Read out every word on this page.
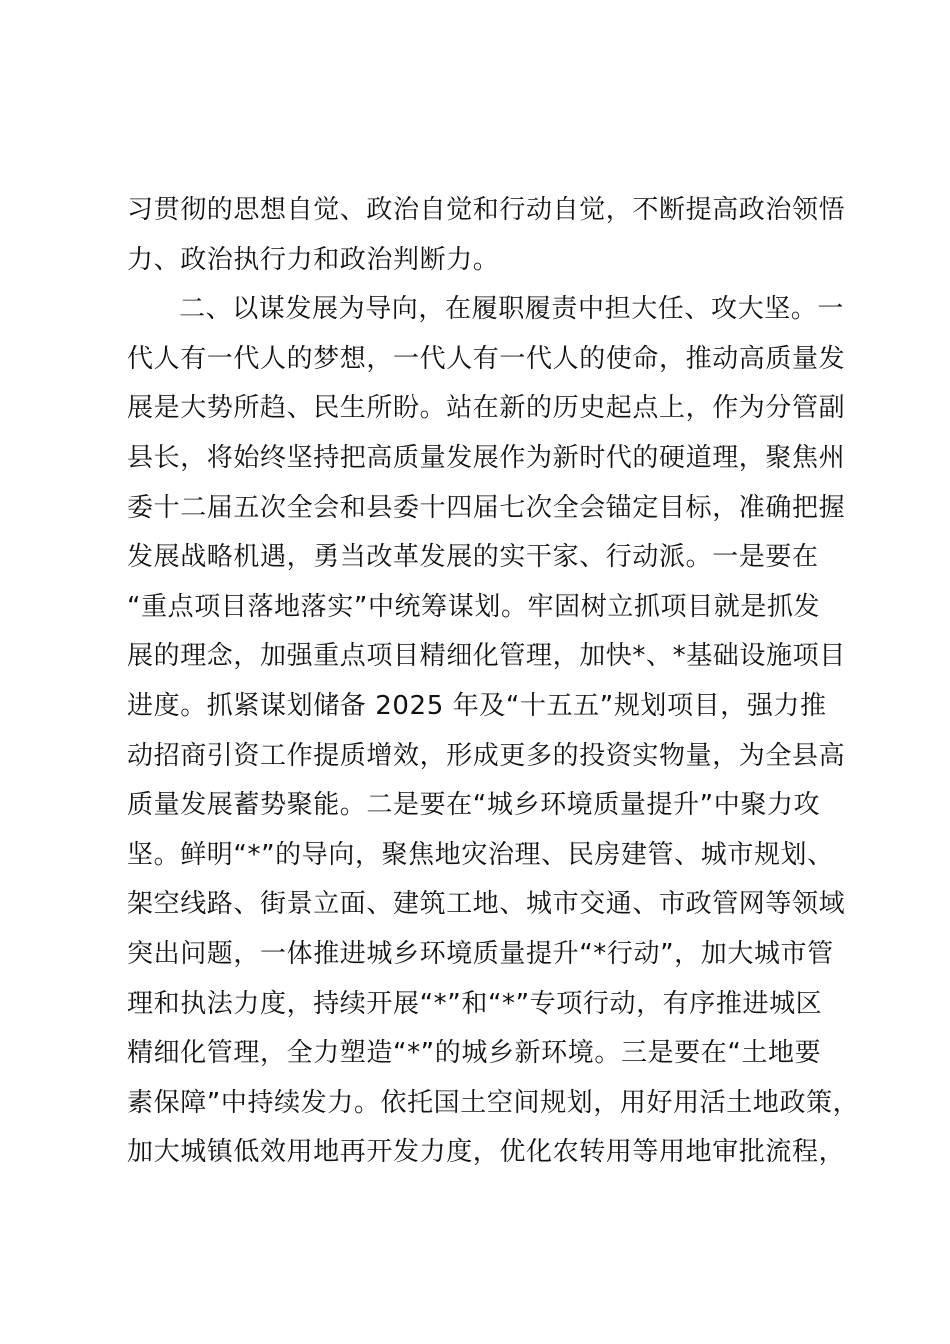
习贯彻的思想自觉、政治自觉和行动自觉，不断提高政治领悟
力、政治执行力和政治判断力。
二、以谋发展为导向，在履职履责中担大任、攻大坚。一
代人有一代人的梦想，一代人有一代人的使命，推动高质量发
展是大势所趋、民生所盼。站在新的历史起点上，作为分管副
县长，将始终坚持把高质量发展作为新时代的硬道理，聚焦州
委十二届五次全会和县委十四届七次全会锚定目标，准确把握
发展战略机遇，勇当改革发展的实干家、行动派。一是要在
“重点项目落地落实”中统筹谋划。牢固树立抓项目就是抓发
展的理念，加强重点项目精细化管理，加快*、*基础设施项目
进度。抓紧谋划储备 2025 年及“十五五”规划项目，强力推
动招商引资工作提质增效，形成更多的投资实物量，为全县高
质量发展蓄势聚能。二是要在“城乡环境质量提升”中聚力攻
坚。鲜明“*”的导向，聚焦地灾治理、民房建管、城市规划、
架空线路、街景立面、建筑工地、城市交通、市政管网等领域
突出问题，一体推进城乡环境质量提升“*行动”，加大城市管
理和执法力度，持续开展“*”和“*”专项行动，有序推进城区
精细化管理，全力塑造“*”的城乡新环境。三是要在“土地要
素保障”中持续发力。依托国土空间规划，用好用活土地政策，
加大城镇低效用地再开发力度，优化农转用等用地审批流程，
